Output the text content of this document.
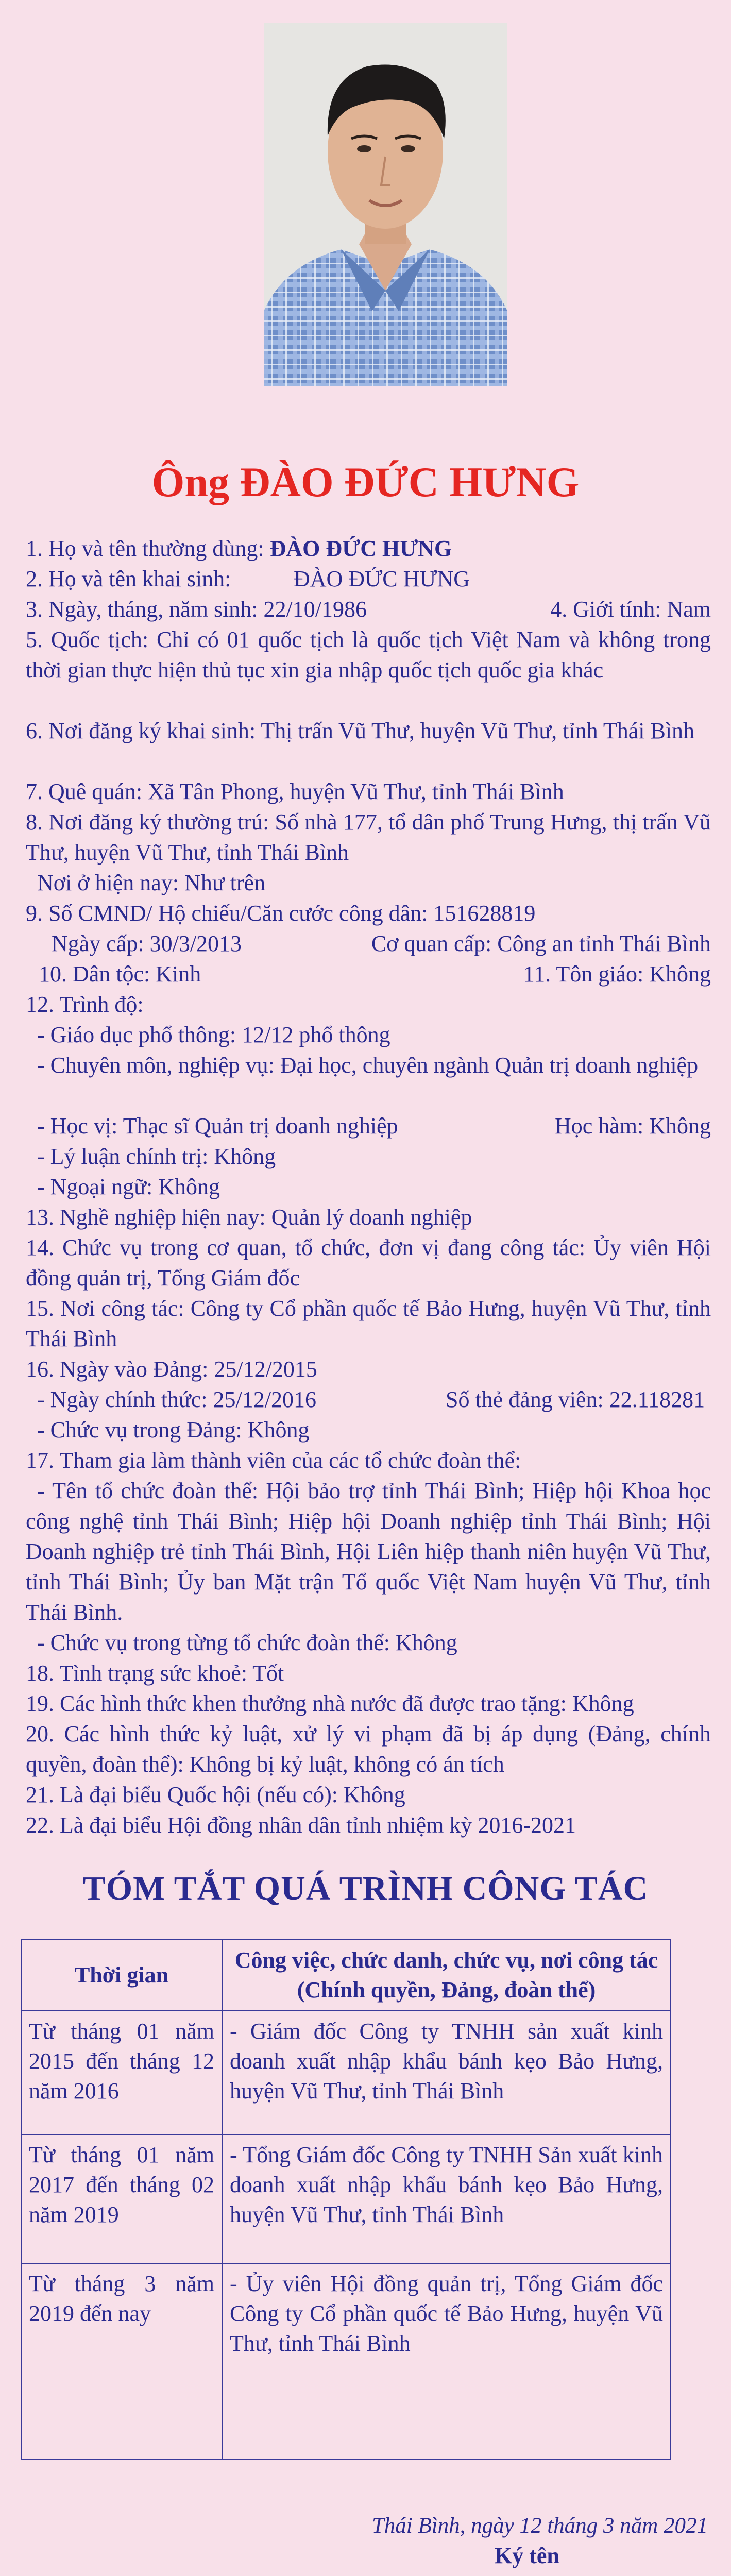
Ông ĐÀO ĐỨC HƯNG
1. Họ và tên thường dùng: ĐÀO ĐỨC HƯNG
2. Họ và tên khai sinh:	ĐÀO ĐỨC HƯNG
3. Ngày, tháng, năm sinh: 22/10/1986	4. Giới tính: Nam
5. Quốc tịch: Chỉ có 01 quốc tịch là quốc tịch Việt Nam và không trong thời gian thực hiện thủ tục xin gia nhập quốc tịch quốc gia khác
6. Nơi đăng ký khai sinh: Thị trấn Vũ Thư, huyện Vũ Thư, tỉnh Thái Bình
7. Quê quán: Xã Tân Phong, huyện Vũ Thư, tỉnh Thái Bình
8. Nơi đăng ký thường trú: Số nhà 177, tổ dân phố Trung Hưng, thị trấn Vũ Thư, huyện Vũ Thư, tỉnh Thái Bình
Nơi ở hiện nay: Như trên
9. Số CMND/ Hộ chiếu/Căn cước công dân: 151628819
Ngày cấp: 30/3/2013	Cơ quan cấp: Công an tỉnh Thái Bình
10. Dân tộc: Kinh	11. Tôn giáo: Không
12. Trình độ:
- Giáo dục phổ thông: 12/12 phổ thông
- Chuyên môn, nghiệp vụ: Đại học, chuyên ngành Quản trị doanh nghiệp
- Học vị: Thạc sĩ Quản trị doanh nghiệp	Học hàm: Không
- Lý luận chính trị: Không
- Ngoại ngữ: Không
13. Nghề nghiệp hiện nay: Quản lý doanh nghiệp
14. Chức vụ trong cơ quan, tổ chức, đơn vị đang công tác: Ủy viên Hội đồng quản trị, Tổng Giám đốc
15. Nơi công tác: Công ty Cổ phần quốc tế Bảo Hưng, huyện Vũ Thư, tỉnh Thái Bình
16. Ngày vào Đảng: 25/12/2015
- Ngày chính thức: 25/12/2016	Số thẻ đảng viên: 22.118281
- Chức vụ trong Đảng: Không
17. Tham gia làm thành viên của các tổ chức đoàn thể:
- Tên tổ chức đoàn thể: Hội bảo trợ tỉnh Thái Bình; Hiệp hội Khoa học công nghệ tỉnh Thái Bình; Hiệp hội Doanh nghiệp tỉnh Thái Bình; Hội Doanh nghiệp trẻ tỉnh Thái Bình, Hội Liên hiệp thanh niên huyện Vũ Thư, tỉnh Thái Bình; Ủy ban Mặt trận Tổ quốc Việt Nam huyện Vũ Thư, tỉnh Thái Bình.
- Chức vụ trong từng tổ chức đoàn thể: Không
18. Tình trạng sức khoẻ: Tốt
19. Các hình thức khen thưởng nhà nước đã được trao tặng: Không
20. Các hình thức kỷ luật, xử lý vi phạm đã bị áp dụng (Đảng, chính quyền, đoàn thể): Không bị kỷ luật, không có án tích
21. Là đại biểu Quốc hội (nếu có): Không
22. Là đại biểu Hội đồng nhân dân tỉnh nhiệm kỳ 2016-2021
TÓM TẮT QUÁ TRÌNH CÔNG TÁC
Thời gian	Công việc, chức danh, chức vụ, nơi công tác (Chính quyền, Đảng, đoàn thể)
Từ tháng 01 năm 2015 đến tháng 12 năm 2016	- Giám đốc Công ty TNHH sản xuất kinh doanh xuất nhập khẩu bánh kẹo Bảo Hưng, huyện Vũ Thư, tỉnh Thái Bình
Từ tháng 01 năm 2017 đến tháng 02 năm 2019	- Tổng Giám đốc Công ty TNHH Sản xuất kinh doanh xuất nhập khẩu bánh kẹo Bảo Hưng, huyện Vũ Thư, tỉnh Thái Bình
Từ tháng 3 năm 2019 đến nay	- Ủy viên Hội đồng quản trị, Tổng Giám đốc Công ty Cổ phần quốc tế Bảo Hưng, huyện Vũ Thư, tỉnh Thái Bình
Thái Bình, ngày 12 tháng 3 năm 2021
Ký tên
